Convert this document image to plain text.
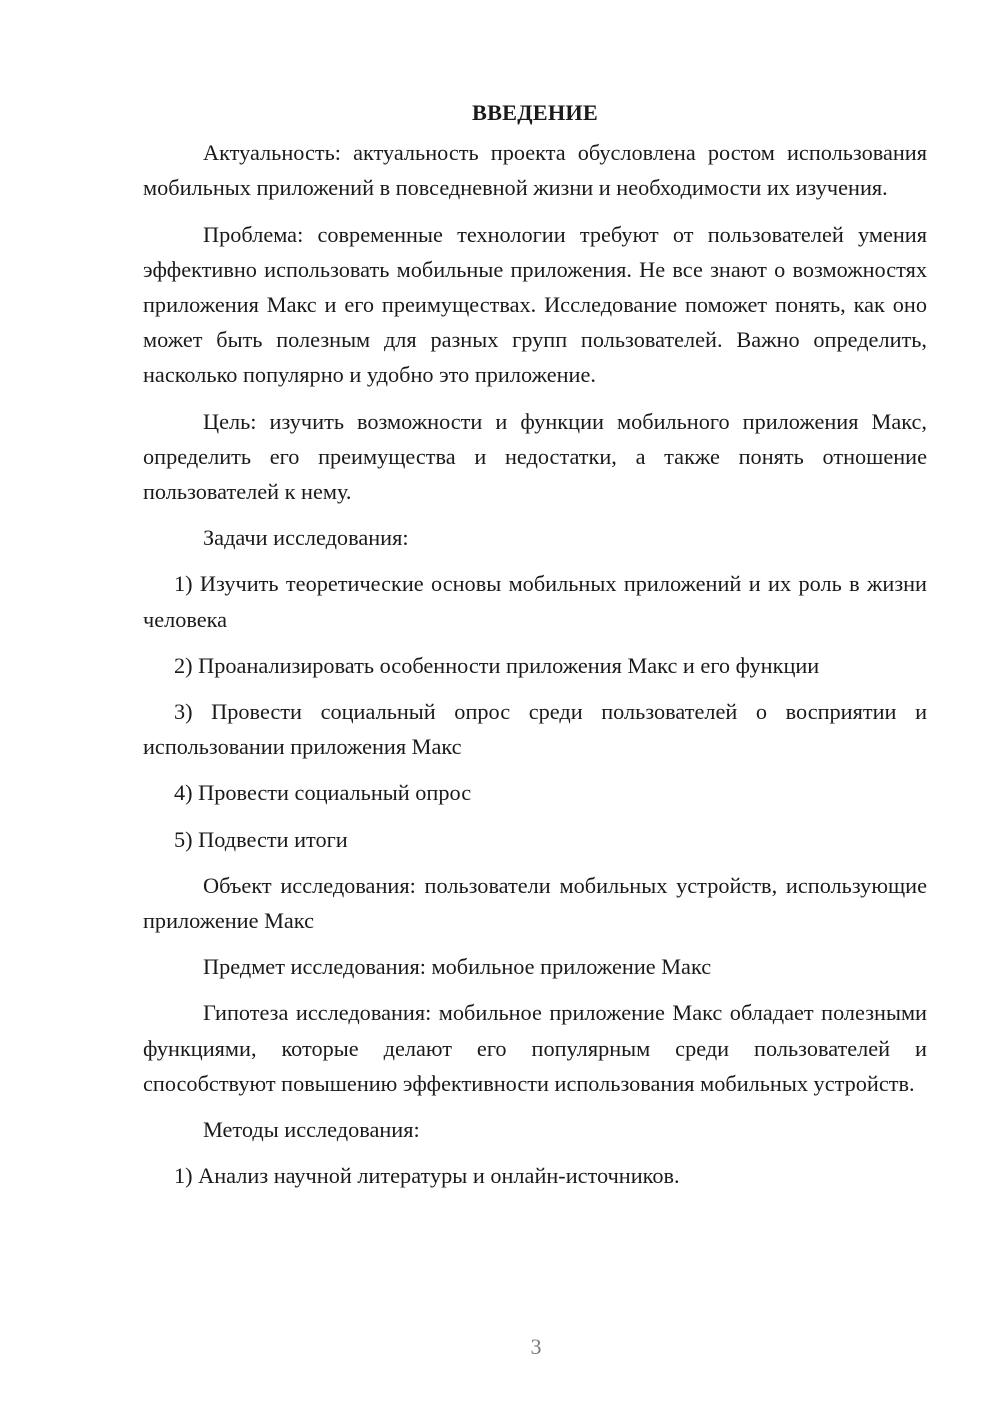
ВВЕДЕНИЕ

Актуальность: актуальность проекта обусловлена ростом использования мобильных приложений в повседневной жизни и необходимости их изучения.

Проблема: современные технологии требуют от пользователей умения эффективно использовать мобильные приложения. Не все знают о возможностях приложения Макс и его преимуществах. Исследование поможет понять, как оно может быть полезным для разных групп пользователей. Важно определить, насколько популярно и удобно это приложение.

Цель: изучить возможности и функции мобильного приложения Макс, определить его преимущества и недостатки, а также понять отношение пользователей к нему.

Задачи исследования:

1) Изучить теоретические основы мобильных приложений и их роль в жизни человека

2) Проанализировать особенности приложения Макс и его функции

3) Провести социальный опрос среди пользователей о восприятии и использовании приложения Макс

4) Провести социальный опрос

5) Подвести итоги

Объект исследования: пользователи мобильных устройств, использующие приложение Макс

Предмет исследования: мобильное приложение Макс

Гипотеза исследования: мобильное приложение Макс обладает полезными функциями, которые делают его популярным среди пользователей и способствуют повышению эффективности использования мобильных устройств.

Методы исследования:

1) Анализ научной литературы и онлайн-источников.

3
